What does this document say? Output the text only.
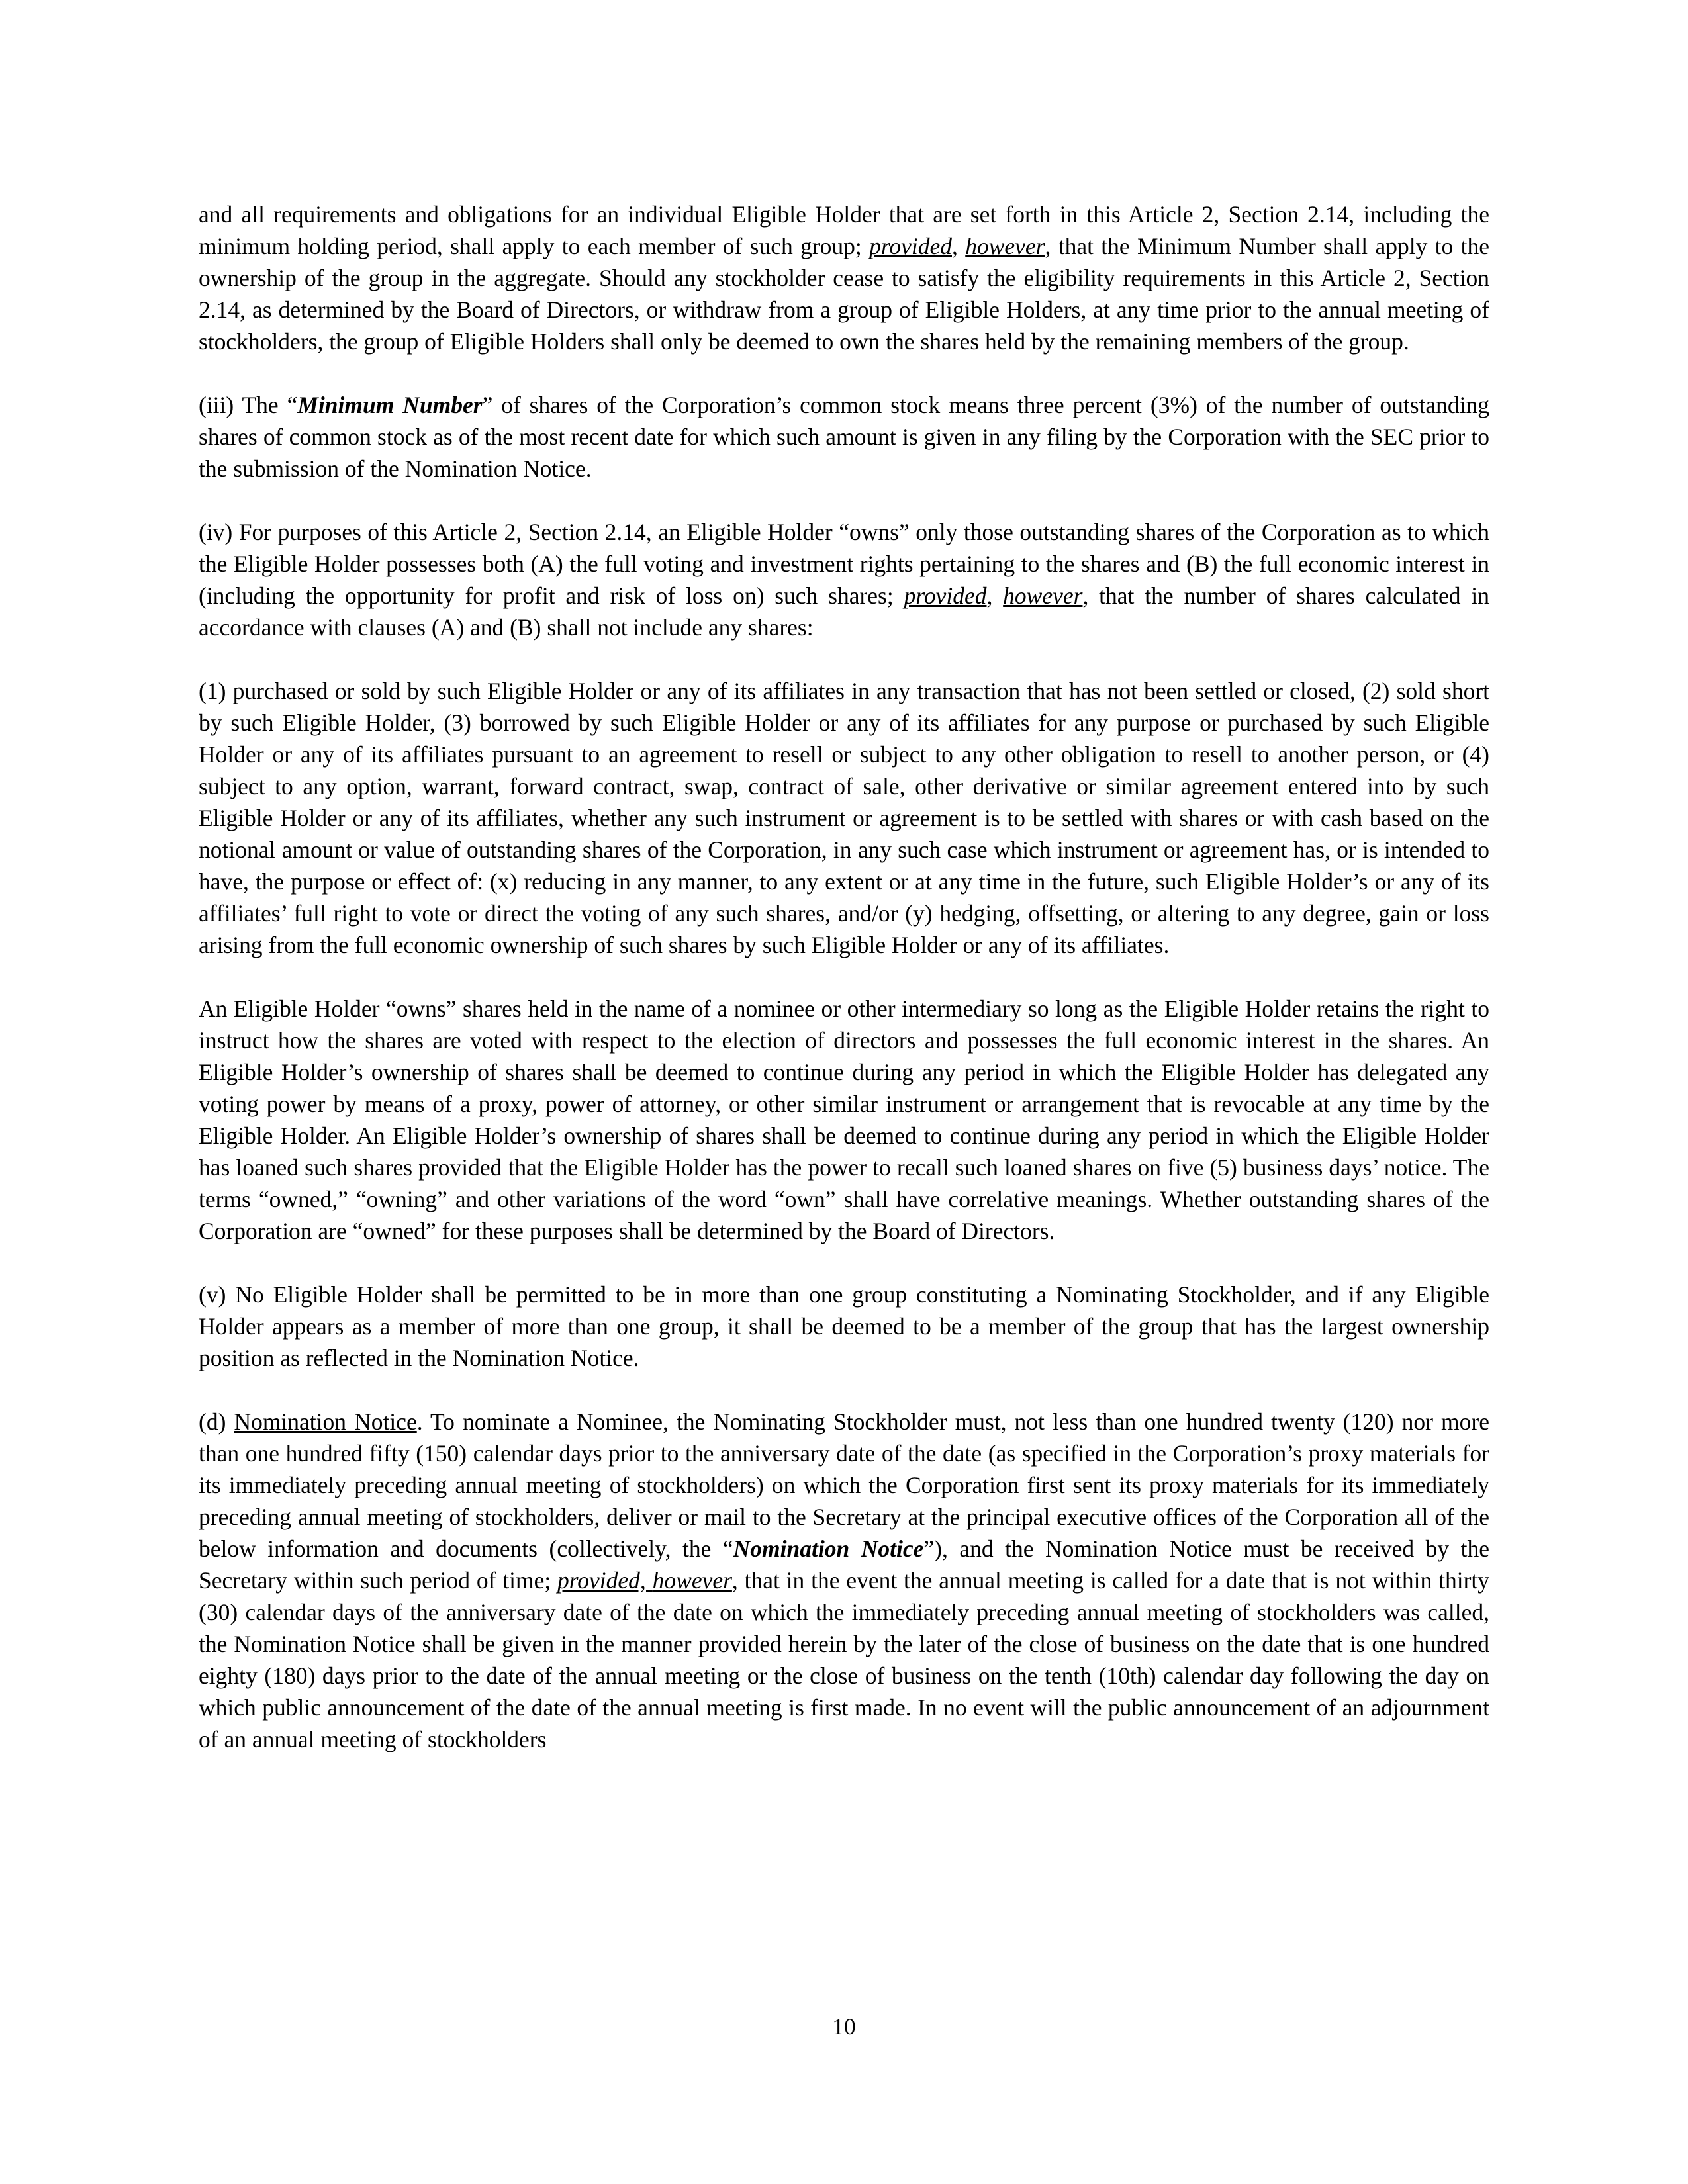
and all requirements and obligations for an individual Eligible Holder that are set forth in this Article 2, Section 2.14, including the minimum holding period, shall apply to each member of such group; provided, however, that the Minimum Number shall apply to the ownership of the group in the aggregate. Should any stockholder cease to satisfy the eligibility requirements in this Article 2, Section 2.14, as determined by the Board of Directors, or withdraw from a group of Eligible Holders, at any time prior to the annual meeting of stockholders, the group of Eligible Holders shall only be deemed to own the shares held by the remaining members of the group.

(iii) The “Minimum Number” of shares of the Corporation’s common stock means three percent (3%) of the number of outstanding shares of common stock as of the most recent date for which such amount is given in any filing by the Corporation with the SEC prior to the submission of the Nomination Notice.

(iv) For purposes of this Article 2, Section 2.14, an Eligible Holder “owns” only those outstanding shares of the Corporation as to which the Eligible Holder possesses both (A) the full voting and investment rights pertaining to the shares and (B) the full economic interest in (including the opportunity for profit and risk of loss on) such shares; provided, however, that the number of shares calculated in accordance with clauses (A) and (B) shall not include any shares:

(1) purchased or sold by such Eligible Holder or any of its affiliates in any transaction that has not been settled or closed, (2) sold short by such Eligible Holder, (3) borrowed by such Eligible Holder or any of its affiliates for any purpose or purchased by such Eligible Holder or any of its affiliates pursuant to an agreement to resell or subject to any other obligation to resell to another person, or (4) subject to any option, warrant, forward contract, swap, contract of sale, other derivative or similar agreement entered into by such Eligible Holder or any of its affiliates, whether any such instrument or agreement is to be settled with shares or with cash based on the notional amount or value of outstanding shares of the Corporation, in any such case which instrument or agreement has, or is intended to have, the purpose or effect of: (x) reducing in any manner, to any extent or at any time in the future, such Eligible Holder’s or any of its affiliates’ full right to vote or direct the voting of any such shares, and/or (y) hedging, offsetting, or altering to any degree, gain or loss arising from the full economic ownership of such shares by such Eligible Holder or any of its affiliates.

An Eligible Holder “owns” shares held in the name of a nominee or other intermediary so long as the Eligible Holder retains the right to instruct how the shares are voted with respect to the election of directors and possesses the full economic interest in the shares. An Eligible Holder’s ownership of shares shall be deemed to continue during any period in which the Eligible Holder has delegated any voting power by means of a proxy, power of attorney, or other similar instrument or arrangement that is revocable at any time by the Eligible Holder. An Eligible Holder’s ownership of shares shall be deemed to continue during any period in which the Eligible Holder has loaned such shares provided that the Eligible Holder has the power to recall such loaned shares on five (5) business days’ notice. The terms “owned,” “owning” and other variations of the word “own” shall have correlative meanings. Whether outstanding shares of the Corporation are “owned” for these purposes shall be determined by the Board of Directors.

(v) No Eligible Holder shall be permitted to be in more than one group constituting a Nominating Stockholder, and if any Eligible Holder appears as a member of more than one group, it shall be deemed to be a member of the group that has the largest ownership position as reflected in the Nomination Notice.

(d) Nomination Notice. To nominate a Nominee, the Nominating Stockholder must, not less than one hundred twenty (120) nor more than one hundred fifty (150) calendar days prior to the anniversary date of the date (as specified in the Corporation’s proxy materials for its immediately preceding annual meeting of stockholders) on which the Corporation first sent its proxy materials for its immediately preceding annual meeting of stockholders, deliver or mail to the Secretary at the principal executive offices of the Corporation all of the below information and documents (collectively, the “Nomination Notice”), and the Nomination Notice must be received by the Secretary within such period of time; provided, however, that in the event the annual meeting is called for a date that is not within thirty (30) calendar days of the anniversary date of the date on which the immediately preceding annual meeting of stockholders was called, the Nomination Notice shall be given in the manner provided herein by the later of the close of business on the date that is one hundred eighty (180) days prior to the date of the annual meeting or the close of business on the tenth (10th) calendar day following the day on which public announcement of the date of the annual meeting is first made. In no event will the public announcement of an adjournment of an annual meeting of stockholders

10
